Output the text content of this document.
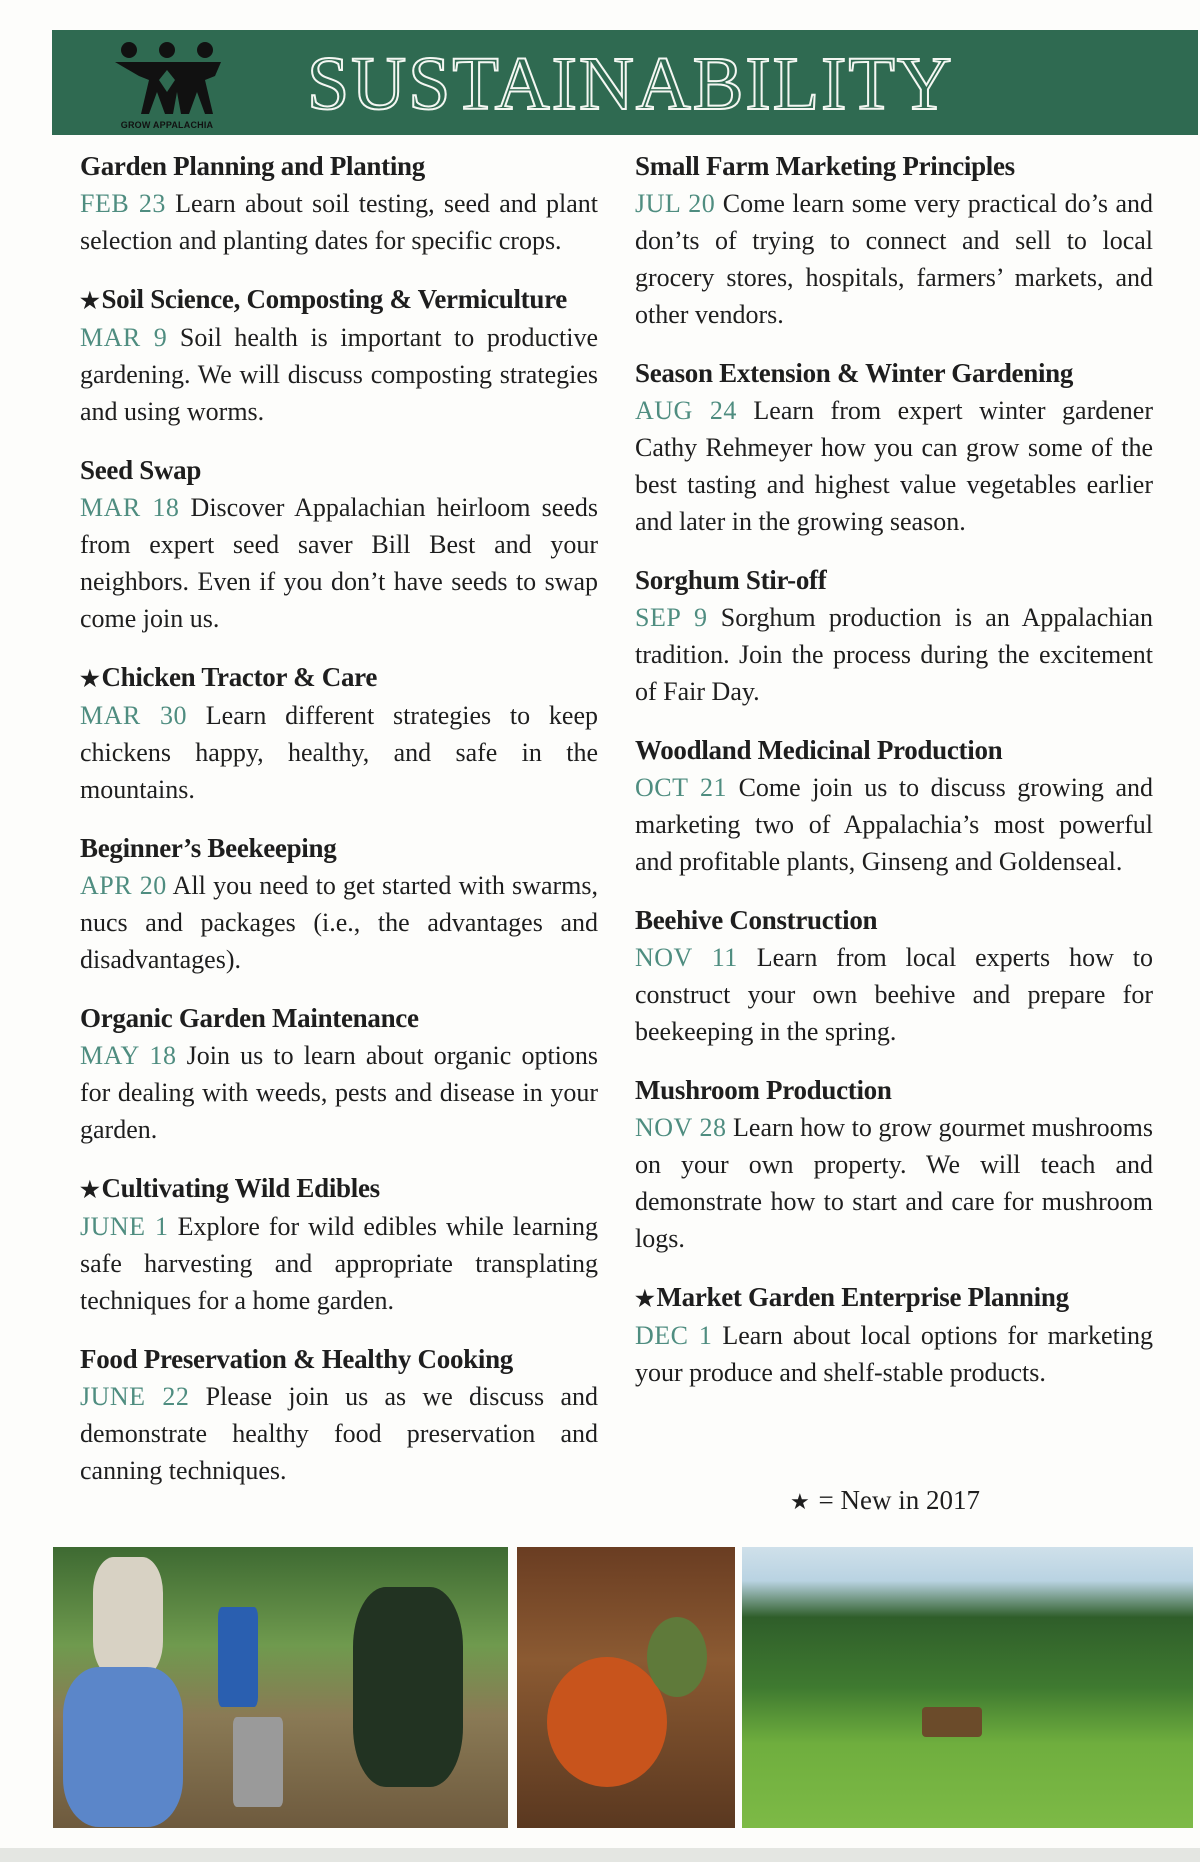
GROW APPALACHIA SUSTAINABILITY
Garden Planning and Planting

FEB 23 Learn about soil testing, seed and plant selection and planting dates for specific crops.

★Soil Science, Composting & Vermiculture

MAR 9 Soil health is important to productive gardening. We will discuss composting strategies and using worms.

Seed Swap

MAR 18 Discover Appalachian heirloom seeds from expert seed saver Bill Best and your neighbors. Even if you don’t have seeds to swap come join us.

★Chicken Tractor & Care

MAR 30 Learn different strategies to keep chickens happy, healthy, and safe in the mountains.

Beginner’s Beekeeping

APR 20 All you need to get started with swarms, nucs and packages (i.e., the advantages and disadvantages).

Organic Garden Maintenance

MAY 18 Join us to learn about organic options for dealing with weeds, pests and disease in your garden.

★Cultivating Wild Edibles

JUNE 1 Explore for wild edibles while learning safe harvesting and appropriate transplating techniques for a home garden.

Food Preservation & Healthy Cooking

JUNE 22 Please join us as we discuss and demonstrate healthy food preservation and canning techniques.

Small Farm Marketing Principles

JUL 20 Come learn some very practical do’s and don’ts of trying to connect and sell to local grocery stores, hospitals, farmers’ markets, and other vendors.

Season Extension & Winter Gardening

AUG 24 Learn from expert winter gardener Cathy Rehmeyer how you can grow some of the best tasting and highest value vegetables earlier and later in the growing season.

Sorghum Stir-off

SEP 9 Sorghum production is an Appalachian tradition. Join the process during the excitement of Fair Day.

Woodland Medicinal Production

OCT 21 Come join us to discuss growing and marketing two of Appalachia’s most powerful and profitable plants, Ginseng and Goldenseal.

Beehive Construction

NOV 11 Learn from local experts how to construct your own beehive and prepare for beekeeping in the spring.

Mushroom Production

NOV 28 Learn how to grow gourmet mushrooms on your own property. We will teach and demonstrate how to start and care for mushroom logs.

★Market Garden Enterprise Planning

DEC 1 Learn about local options for marketing your produce and shelf-stable products.

★ = New in 2017
